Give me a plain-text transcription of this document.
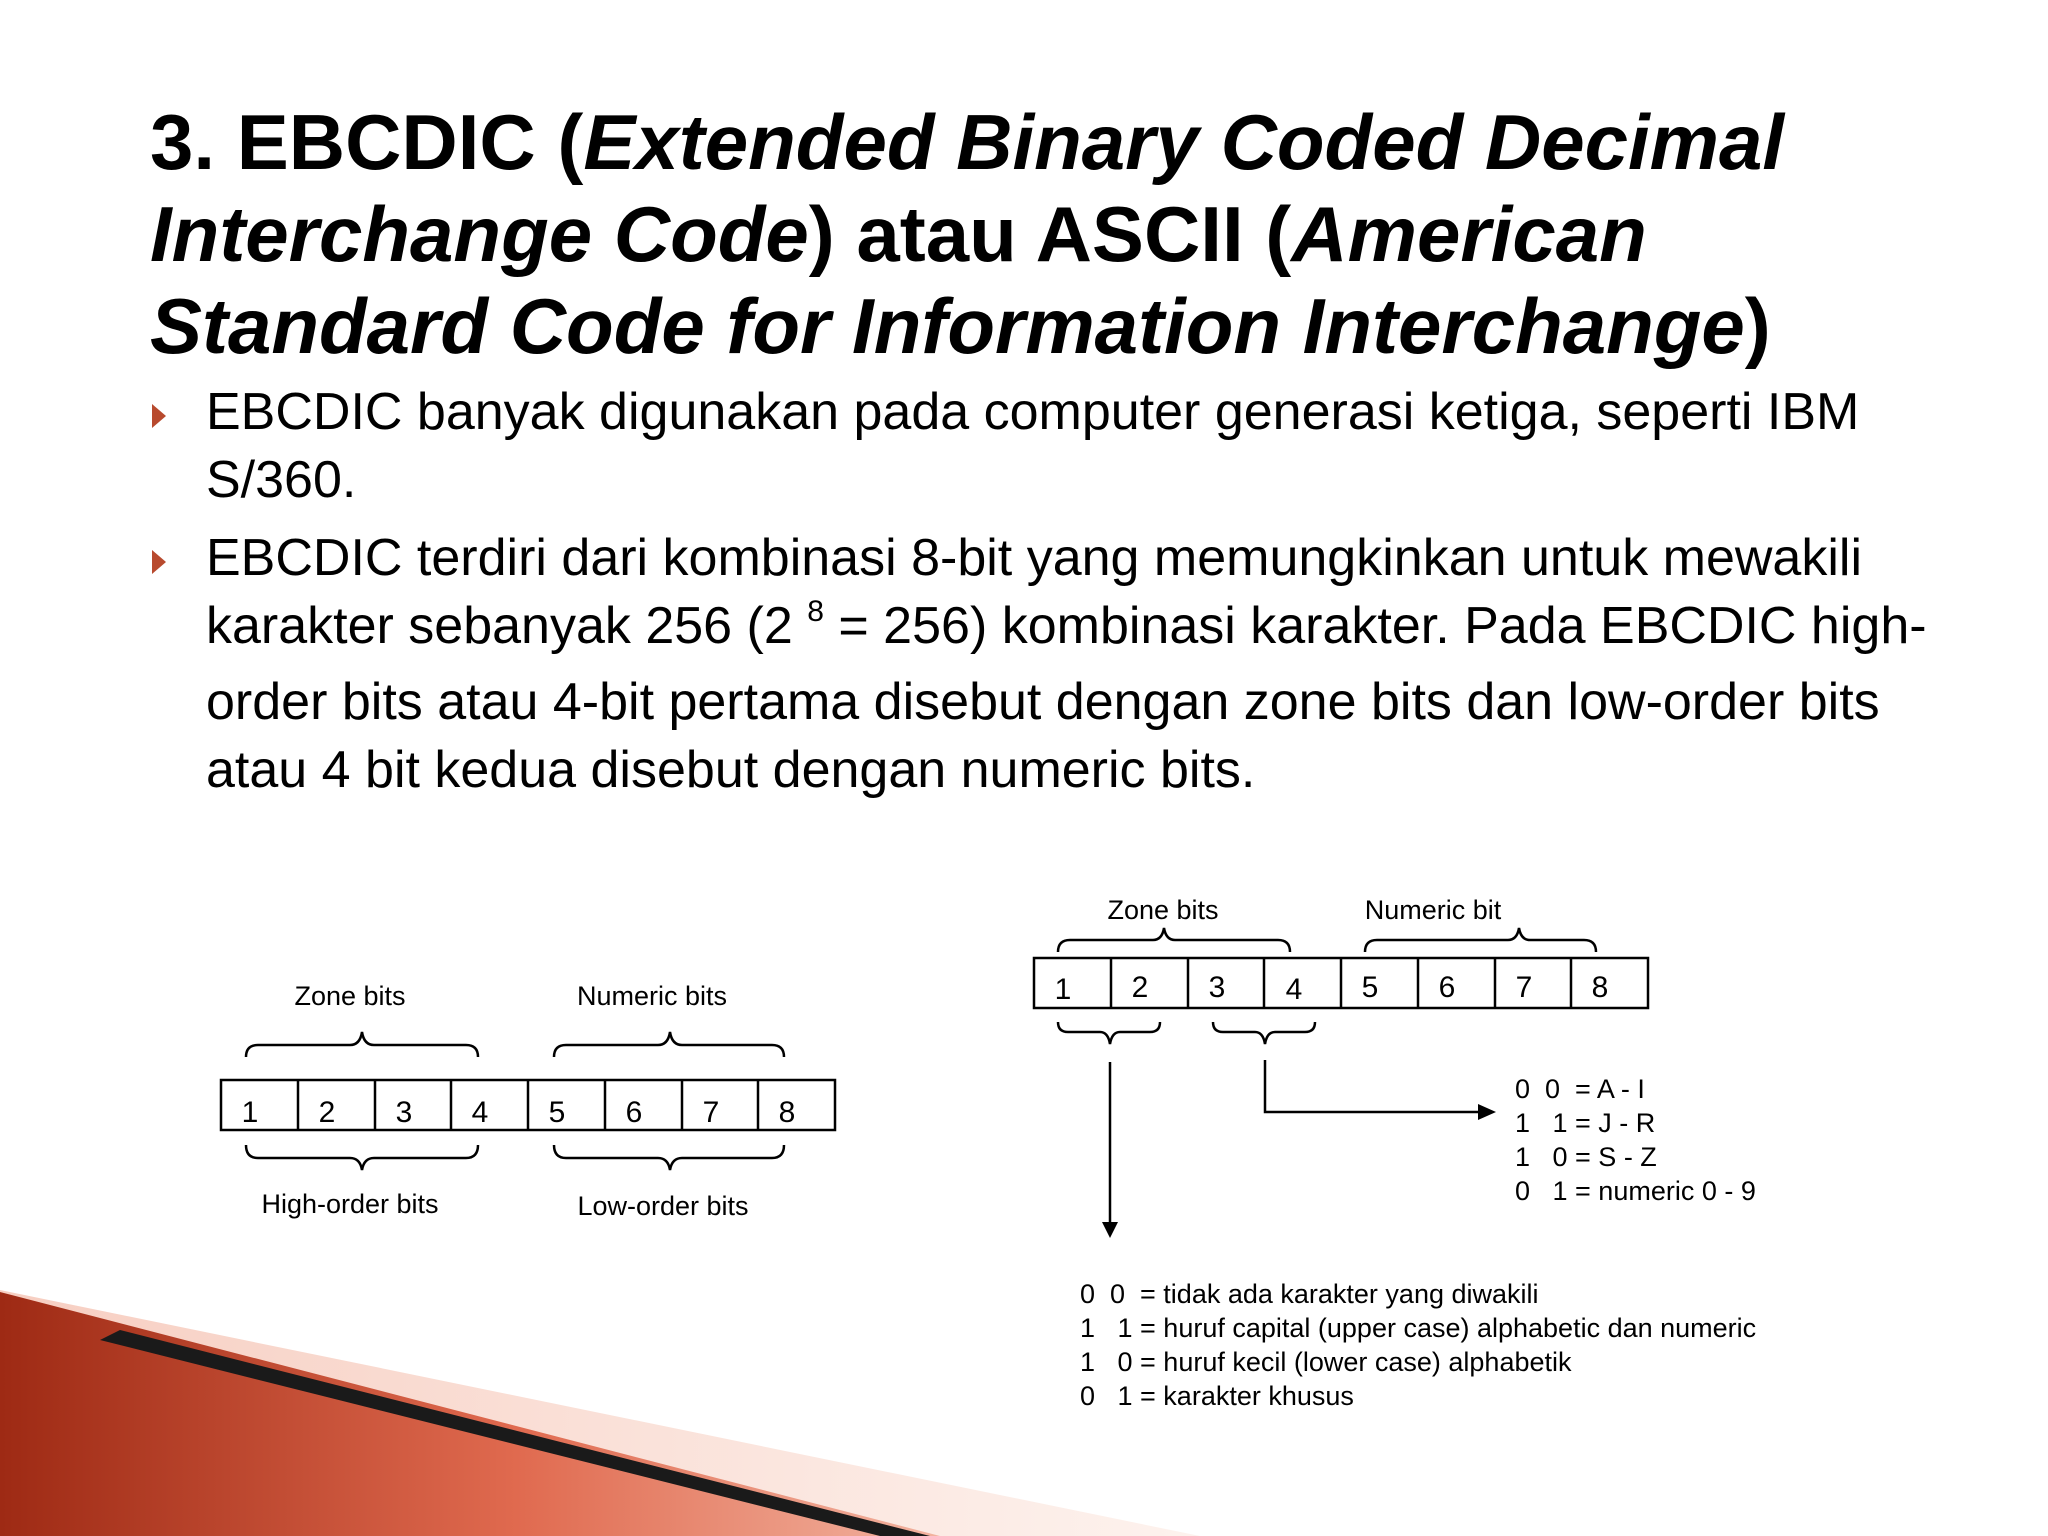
3. EBCDIC (Extended Binary Coded Decimal Interchange Code) atau ASCII (American Standard Code for Information Interchange)
EBCDIC banyak digunakan pada computer generasi ketiga, seperti IBM S/360.
EBCDIC terdiri dari kombinasi 8-bit yang memungkinkan untuk mewakili karakter sebanyak 256 (2 $^8$ = 256) kombinasi karakter. Pada EBCDIC high-order bits atau 4-bit pertama disebut dengan zone bits dan low-order bits atau 4 bit kedua disebut dengan numeric bits.
Zone bits	Numeric bits
1 2 3 4 5 6 7 8
High-order bits	Low-order bits
Zone bits	Numeric bit
1 2 3 4 5 6 7 8
0  0  = A - I
1   1 = J - R
1   0 = S - Z
0   1 = numeric 0 - 9
0  0  = tidak ada karakter yang diwakili
1   1 = huruf capital (upper case) alphabetic dan numeric
1   0 = huruf kecil (lower case) alphabetik
0   1 = karakter khusus
